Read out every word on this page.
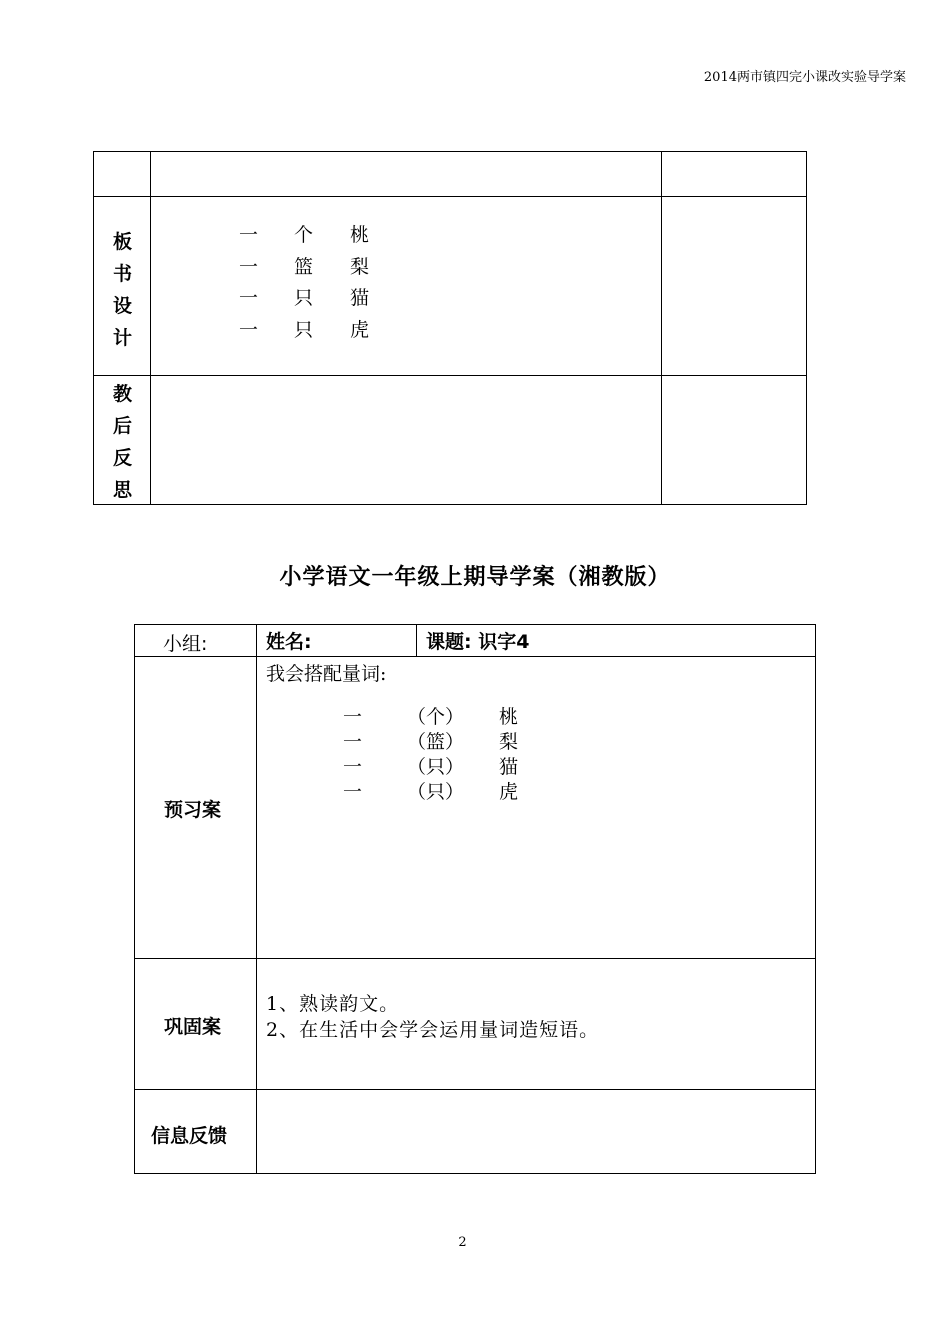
2014两市镇四完小课改实验导学案
板
书
设
计
一 个 桃
一 篮 梨
一 只 猫
一 只 虎
教
后
反
思
小学语文一年级上期导学案（湘教版）
小组:	姓名:	课题: 识字4
预习案
我会搭配量词:
一 （个） 桃
一 （篮） 梨
一 （只） 猫
一 （只） 虎
巩固案
1、熟读韵文。
2、在生活中会学会运用量词造短语。
信息反馈
2
